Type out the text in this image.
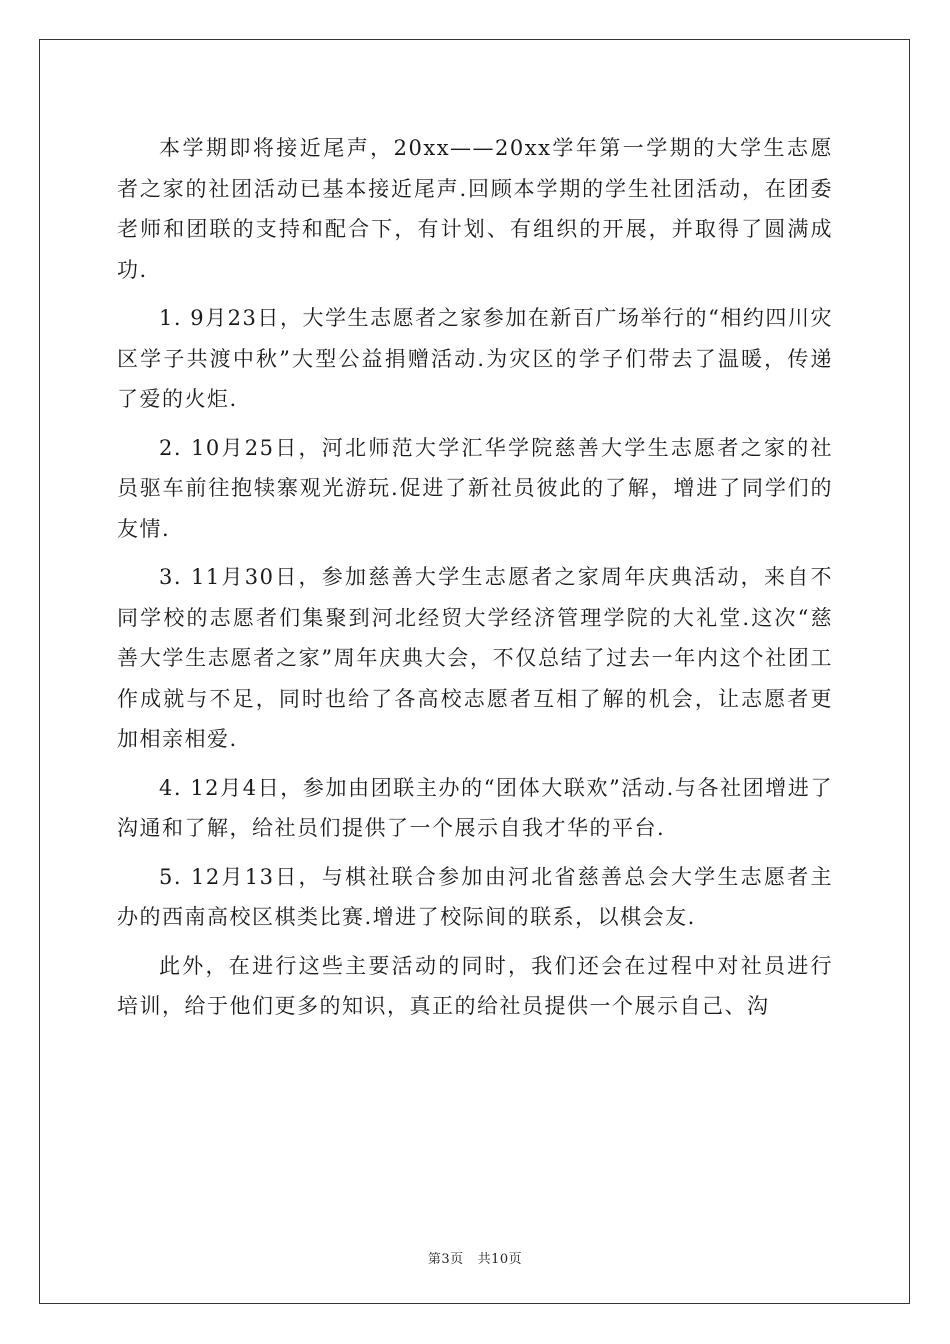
本学期即将接近尾声，20xx——20xx学年第一学期的大学生志愿者之家的社团活动已基本接近尾声.回顾本学期的学生社团活动，在团委老师和团联的支持和配合下，有计划、有组织的开展，并取得了圆满成功.

1. 9月23日，大学生志愿者之家参加在新百广场举行的“相约四川灾区学子共渡中秋”大型公益捐赠活动.为灾区的学子们带去了温暖，传递了爱的火炬.

2. 10月25日，河北师范大学汇华学院慈善大学生志愿者之家的社员驱车前往抱犊寨观光游玩.促进了新社员彼此的了解，增进了同学们的友情.

3. 11月30日，参加慈善大学生志愿者之家周年庆典活动，来自不同学校的志愿者们集聚到河北经贸大学经济管理学院的大礼堂.这次“慈善大学生志愿者之家”周年庆典大会，不仅总结了过去一年内这个社团工作成就与不足，同时也给了各高校志愿者互相了解的机会，让志愿者更加相亲相爱.

4. 12月4日，参加由团联主办的“团体大联欢”活动.与各社团增进了沟通和了解，给社员们提供了一个展示自我才华的平台.

5. 12月13日，与棋社联合参加由河北省慈善总会大学生志愿者主办的西南高校区棋类比赛.增进了校际间的联系，以棋会友.

此外，在进行这些主要活动的同时，我们还会在过程中对社员进行培训，给于他们更多的知识，真正的给社员提供一个展示自己、沟

第3页 共10页
